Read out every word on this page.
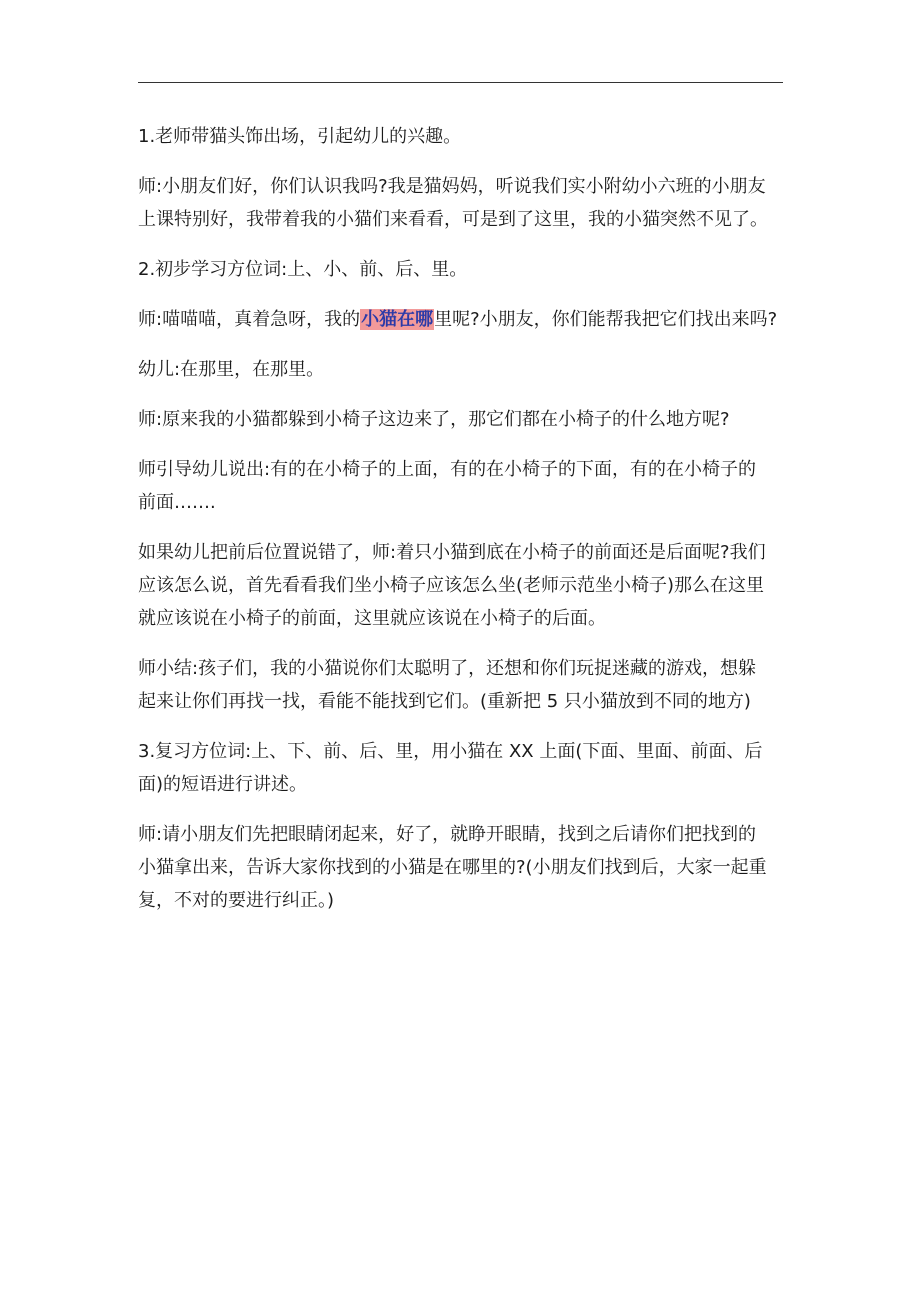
1.老师带猫头饰出场，引起幼儿的兴趣。

师:小朋友们好，你们认识我吗?我是猫妈妈，听说我们实小附幼小六班的小朋友
上课特别好，我带着我的小猫们来看看，可是到了这里，我的小猫突然不见了。

2.初步学习方位词:上、小、前、后、里。

师:喵喵喵，真着急呀，我的小猫在哪里呢?小朋友，你们能帮我把它们找出来吗?

幼儿:在那里，在那里。

师:原来我的小猫都躲到小椅子这边来了，那它们都在小椅子的什么地方呢?

师引导幼儿说出:有的在小椅子的上面，有的在小椅子的下面，有的在小椅子的
前面…….

如果幼儿把前后位置说错了，师:着只小猫到底在小椅子的前面还是后面呢?我们
应该怎么说，首先看看我们坐小椅子应该怎么坐(老师示范坐小椅子)那么在这里
就应该说在小椅子的前面，这里就应该说在小椅子的后面。

师小结:孩子们，我的小猫说你们太聪明了，还想和你们玩捉迷藏的游戏，想躲
起来让你们再找一找，看能不能找到它们。(重新把 5 只小猫放到不同的地方)

3.复习方位词:上、下、前、后、里，用小猫在 XX 上面(下面、里面、前面、后
面)的短语进行讲述。

师:请小朋友们先把眼睛闭起来，好了，就睁开眼睛，找到之后请你们把找到的
小猫拿出来，告诉大家你找到的小猫是在哪里的?(小朋友们找到后，大家一起重
复，不对的要进行纠正。)
